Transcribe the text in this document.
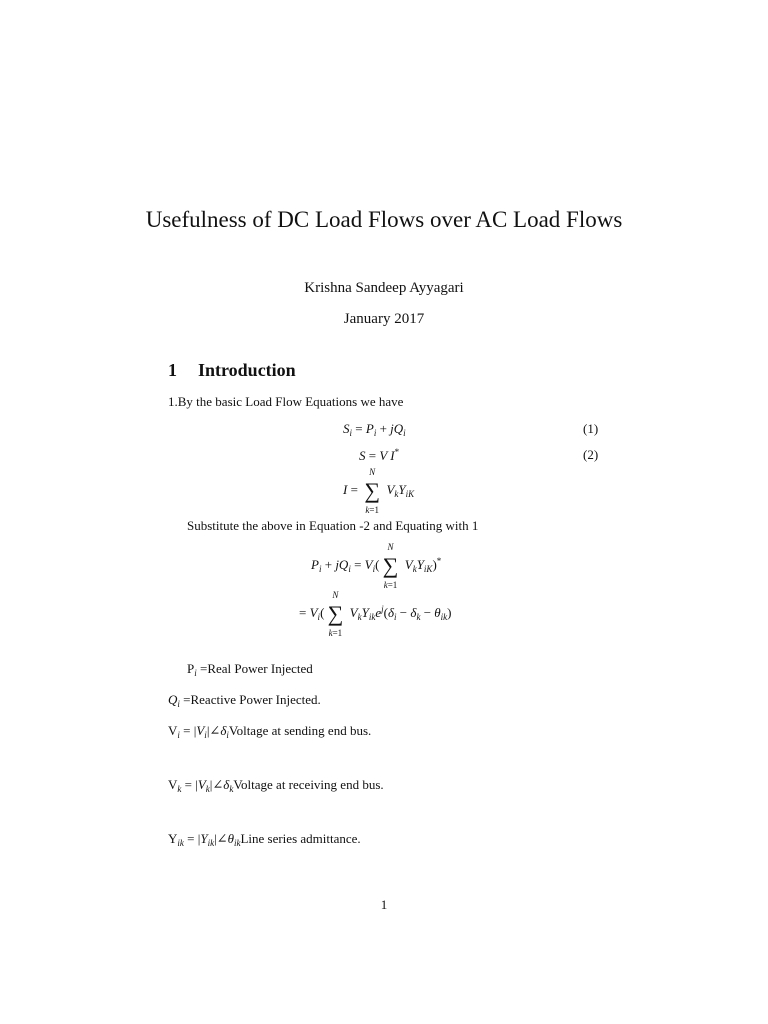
Usefulness of DC Load Flows over AC Load Flows
Krishna Sandeep Ayyagari
January 2017
1 Introduction
1.By the basic Load Flow Equations we have
$S_i = P_i + jQ_i$	(1)
S = V I*	(2)
I =
N
∑
k=1
$V_kY_{iK}$
Substitute the above in Equation -2 and Equating with 1
$P_i + jQ_i = V_i$(
N
∑
k=1
$V_kY_{iK})^*$
= $V_i$(
N
∑
k=1
$V_kY_{ik}e^j(\delta_i - \delta_k - \theta_{ik})$
$P_i$ =Real Power Injected
$Q_i$ =Reactive Power Injected.
$V_i$ = $|V_i|\angle\delta_iVoltage$ at sending end bus.
$V_k$ = $|V_k|\angle\delta_kVoltage$ at receiving end bus.
$Y_{ik}$ = $|Y_{ik}|\angle\theta_{ik}Line$ series admittance.
1
